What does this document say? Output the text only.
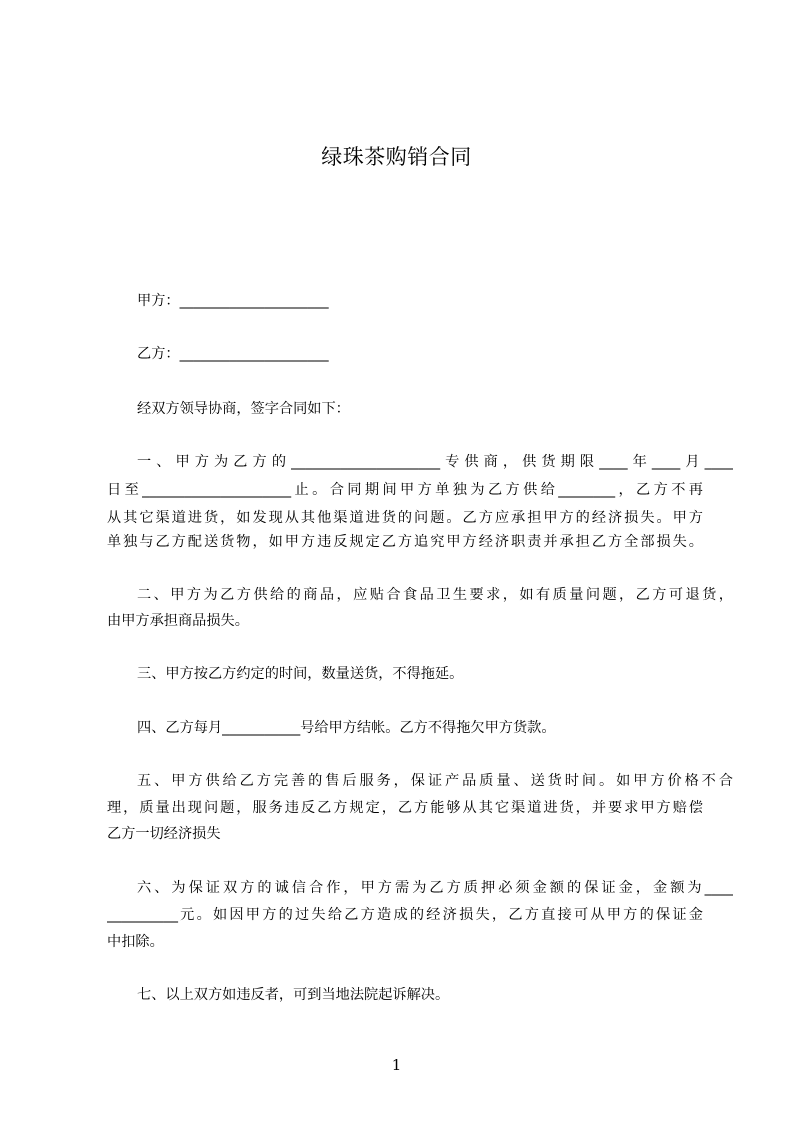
绿珠茶购销合同
甲方：_____________________
乙方：_____________________
经双方领导协商，签字合同如下：
一、甲方为乙方的_____________________专供商，供货期限____年____月____
日至_____________________止。合同期间甲方单独为乙方供给________，乙方不再
从其它渠道进货，如发现从其他渠道进货的问题。乙方应承担甲方的经济损失。甲方
单独与乙方配送货物，如甲方违反规定乙方追究甲方经济职责并承担乙方全部损失。
二、甲方为乙方供给的商品，应贴合食品卫生要求，如有质量问题，乙方可退货，
由甲方承担商品损失。
三、甲方按乙方约定的时间，数量送货，不得拖延。
四、乙方每月___________号给甲方结帐。乙方不得拖欠甲方货款。
五、甲方供给乙方完善的售后服务，保证产品质量、送货时间。如甲方价格不合
理，质量出现问题，服务违反乙方规定，乙方能够从其它渠道进货，并要求甲方赔偿
乙方一切经济损失
六、为保证双方的诚信合作，甲方需为乙方质押必须金额的保证金，金额为____
__________元。如因甲方的过失给乙方造成的经济损失，乙方直接可从甲方的保证金
中扣除。
七、以上双方如违反者，可到当地法院起诉解决。
1
